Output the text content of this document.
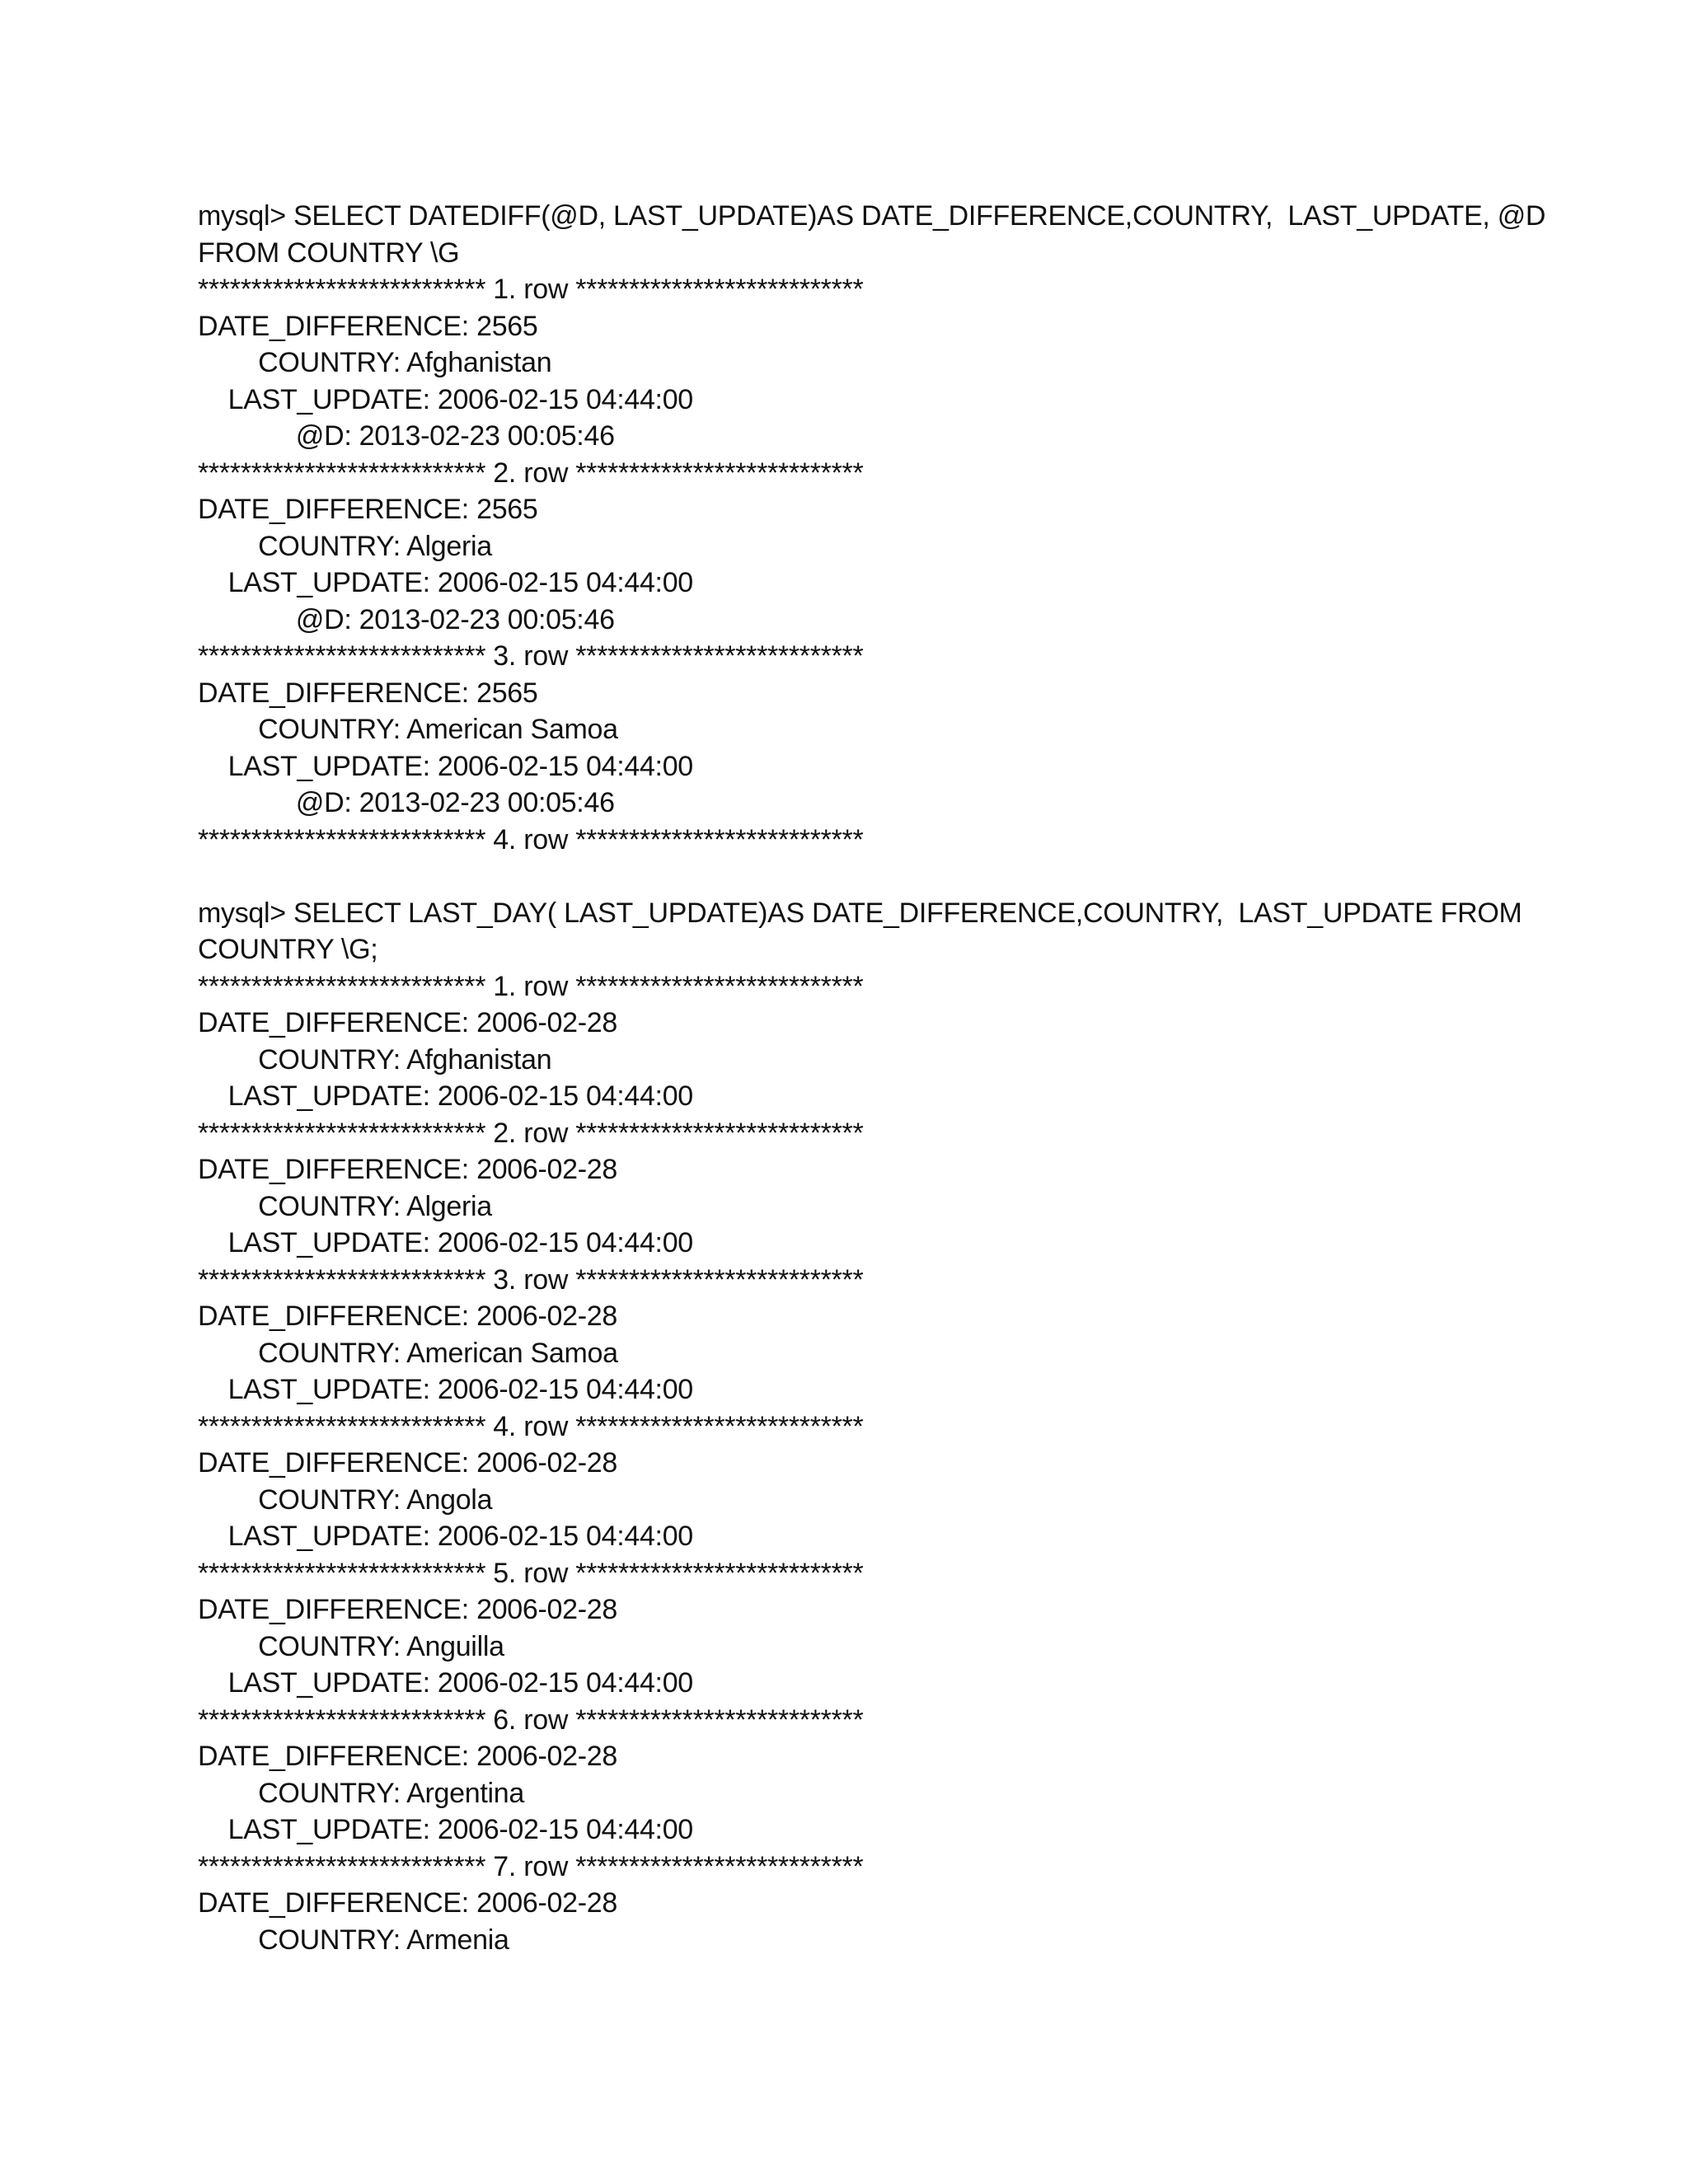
mysql> SELECT DATEDIFF(@D, LAST_UPDATE)AS DATE_DIFFERENCE,COUNTRY,  LAST_UPDATE, @D
FROM COUNTRY \G
*************************** 1. row ***************************
DATE_DIFFERENCE: 2565
COUNTRY: Afghanistan
LAST_UPDATE: 2006-02-15 04:44:00
@D: 2013-02-23 00:05:46
*************************** 2. row ***************************
DATE_DIFFERENCE: 2565
COUNTRY: Algeria
LAST_UPDATE: 2006-02-15 04:44:00
@D: 2013-02-23 00:05:46
*************************** 3. row ***************************
DATE_DIFFERENCE: 2565
COUNTRY: American Samoa
LAST_UPDATE: 2006-02-15 04:44:00
@D: 2013-02-23 00:05:46
*************************** 4. row ***************************
mysql> SELECT LAST_DAY( LAST_UPDATE)AS DATE_DIFFERENCE,COUNTRY,  LAST_UPDATE FROM
COUNTRY \G;
*************************** 1. row ***************************
DATE_DIFFERENCE: 2006-02-28
COUNTRY: Afghanistan
LAST_UPDATE: 2006-02-15 04:44:00
*************************** 2. row ***************************
DATE_DIFFERENCE: 2006-02-28
COUNTRY: Algeria
LAST_UPDATE: 2006-02-15 04:44:00
*************************** 3. row ***************************
DATE_DIFFERENCE: 2006-02-28
COUNTRY: American Samoa
LAST_UPDATE: 2006-02-15 04:44:00
*************************** 4. row ***************************
DATE_DIFFERENCE: 2006-02-28
COUNTRY: Angola
LAST_UPDATE: 2006-02-15 04:44:00
*************************** 5. row ***************************
DATE_DIFFERENCE: 2006-02-28
COUNTRY: Anguilla
LAST_UPDATE: 2006-02-15 04:44:00
*************************** 6. row ***************************
DATE_DIFFERENCE: 2006-02-28
COUNTRY: Argentina
LAST_UPDATE: 2006-02-15 04:44:00
*************************** 7. row ***************************
DATE_DIFFERENCE: 2006-02-28
COUNTRY: Armenia
